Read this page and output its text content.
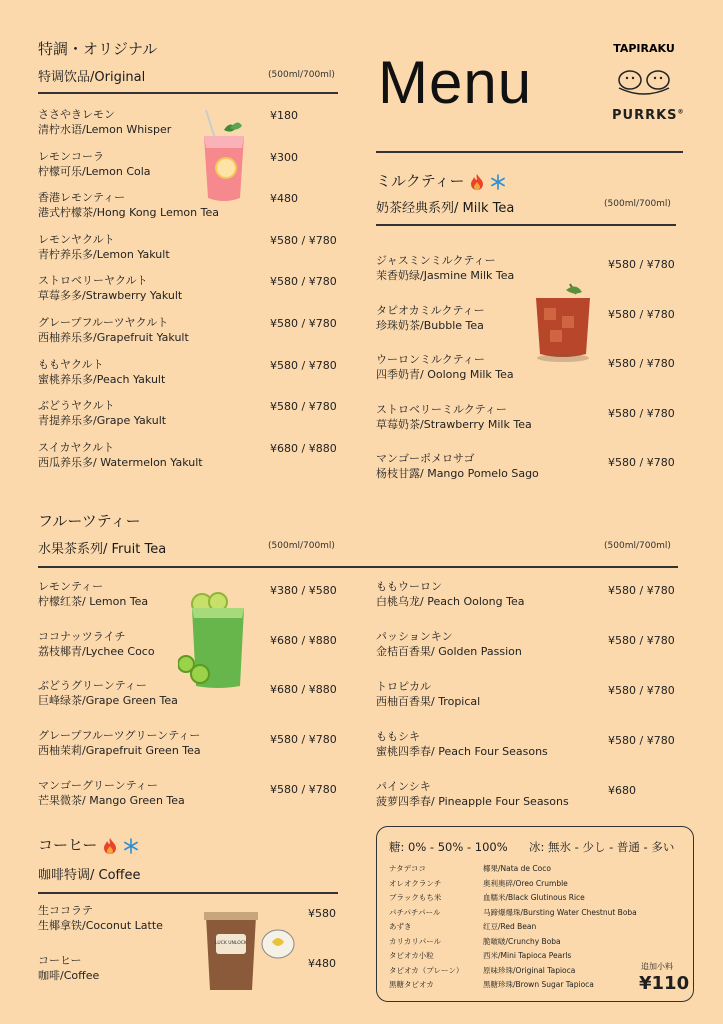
特調・オリジナル
特调饮品/Original	(500ml/700ml)
ささやきレモン
清柠水语/Lemon Whisper
¥180
レモンコーラ
柠檬可乐/Lemon Cola
¥300
香港レモンティー
港式柠檬茶/Hong Kong Lemon Tea
¥480
レモンヤクルト
青柠养乐多/Lemon Yakult
¥580 / ¥780
ストロベリーヤクルト
草莓多多/Strawberry Yakult
¥580 / ¥780
グレープフルーツヤクルト
西柚养乐多/Grapefruit Yakult
¥580 / ¥780
ももヤクルト
蜜桃养乐多/Peach Yakult
¥580 / ¥780
ぶどうヤクルト
青提养乐多/Grape Yakult
¥580 / ¥780
スイカヤクルト
西瓜养乐多/ Watermelon Yakult
¥680 / ¥880
Menu
TAPIRAKU
PURRKS®
ミルクティー
奶茶经典系列/ Milk Tea	(500ml/700ml)
ジャスミンミルクティー
茉香奶绿/Jasmine Milk Tea
¥580 / ¥780
タピオカミルクティー
珍珠奶茶/Bubble Tea
¥580 / ¥780
ウーロンミルクティー
四季奶青/ Oolong Milk Tea
¥580 / ¥780
ストロベリーミルクティー
草莓奶茶/Strawberry Milk Tea
¥580 / ¥780
マンゴーポメロサゴ
杨枝甘露/ Mango Pomelo Sago
¥580 / ¥780
フルーツティー
水果茶系列/ Fruit Tea	(500ml/700ml)	(500ml/700ml)
レモンティー
柠檬红茶/ Lemon Tea
¥380 / ¥580
ココナッツライチ
荔枝椰青/Lychee Coco
¥680 / ¥880
ぶどうグリーンティー
巨峰绿茶/Grape Green Tea
¥680 / ¥880
グレープフルーツグリーンティー
西柚茉莉/Grapefruit Green Tea
¥580 / ¥780
マンゴーグリーンティー
芒果微茶/ Mango Green Tea
¥580 / ¥780
ももウーロン
白桃乌龙/ Peach Oolong Tea
¥580 / ¥780
パッションキン
金桔百香果/ Golden Passion
¥580 / ¥780
トロピカル
西柚百香果/ Tropical
¥580 / ¥780
ももシキ
蜜桃四季春/ Peach Four Seasons
¥580 / ¥780
パインシキ
菠萝四季春/ Pineapple Four Seasons
¥680
コーヒー
咖啡特调/ Coffee
生ココラテ
生椰拿铁/Coconut Latte
¥580
コーヒー
咖啡/Coffee
¥480
LUCK UNLOCK
糖: 0% - 50% - 100% 冰: 無氷 - 少し - 普通 - 多い
ナタデココ	椰果/Nata de Coco
オレオクランチ	奥利奥碎/Oreo Crumble
ブラックもち米	血糯米/Black Glutinous Rice
パチパチパール	马蹄爆爆珠/Bursting Water Chestnut Boba
あずき	红豆/Red Bean
カリカリパール	脆啵啵/Crunchy Boba
タピオカ小粒	西米/Mini Tapioca Pearls
タピオカ（プレーン）	原味珍珠/Original Tapioca
黒糖タピオカ	黑糖珍珠/Brown Sugar Tapioca
追加小料
¥110
